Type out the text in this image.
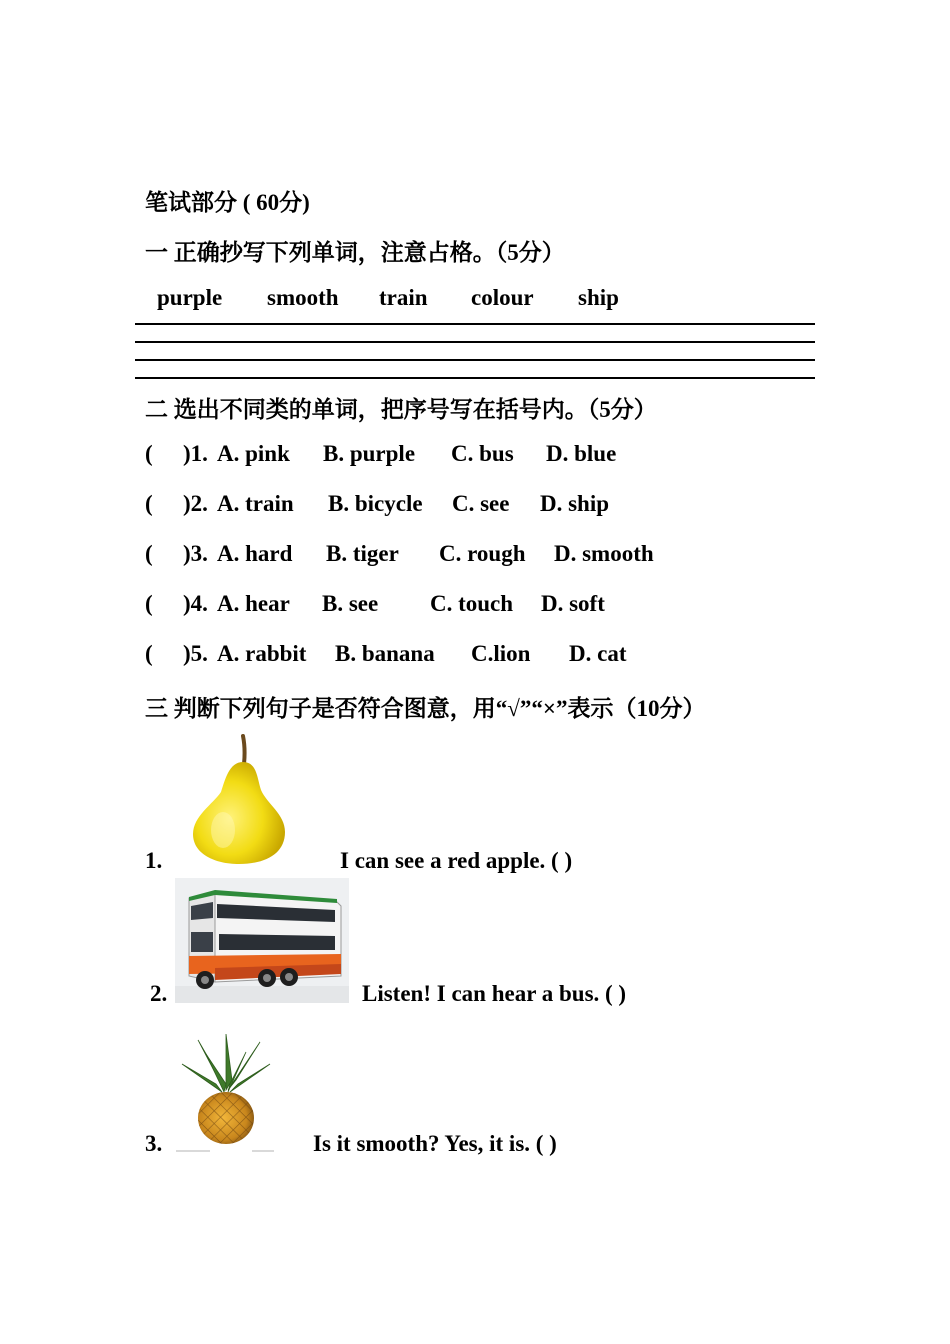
笔试部分 ( 60分)
一 正确抄写下列单词，注意占格。（5分）
purple smooth train colour ship
二 选出不同类的单词，把序号写在括号内。（5分）
( )1. A. pink B. purple C. bus D. blue
( )2. A. train B. bicycle C. see D. ship
( )3. A. hard B. tiger C. rough D. smooth
( )4. A. hear B. see C. touch D. soft
( )5. A. rabbit B. banana C.lion D. cat
三 判断下列句子是否符合图意，用“√”“×”表示（10分）
1.	I can see a red apple. ( )
2.	Listen! I can hear a bus. ( )
3.	Is it smooth? Yes, it is. ( )
